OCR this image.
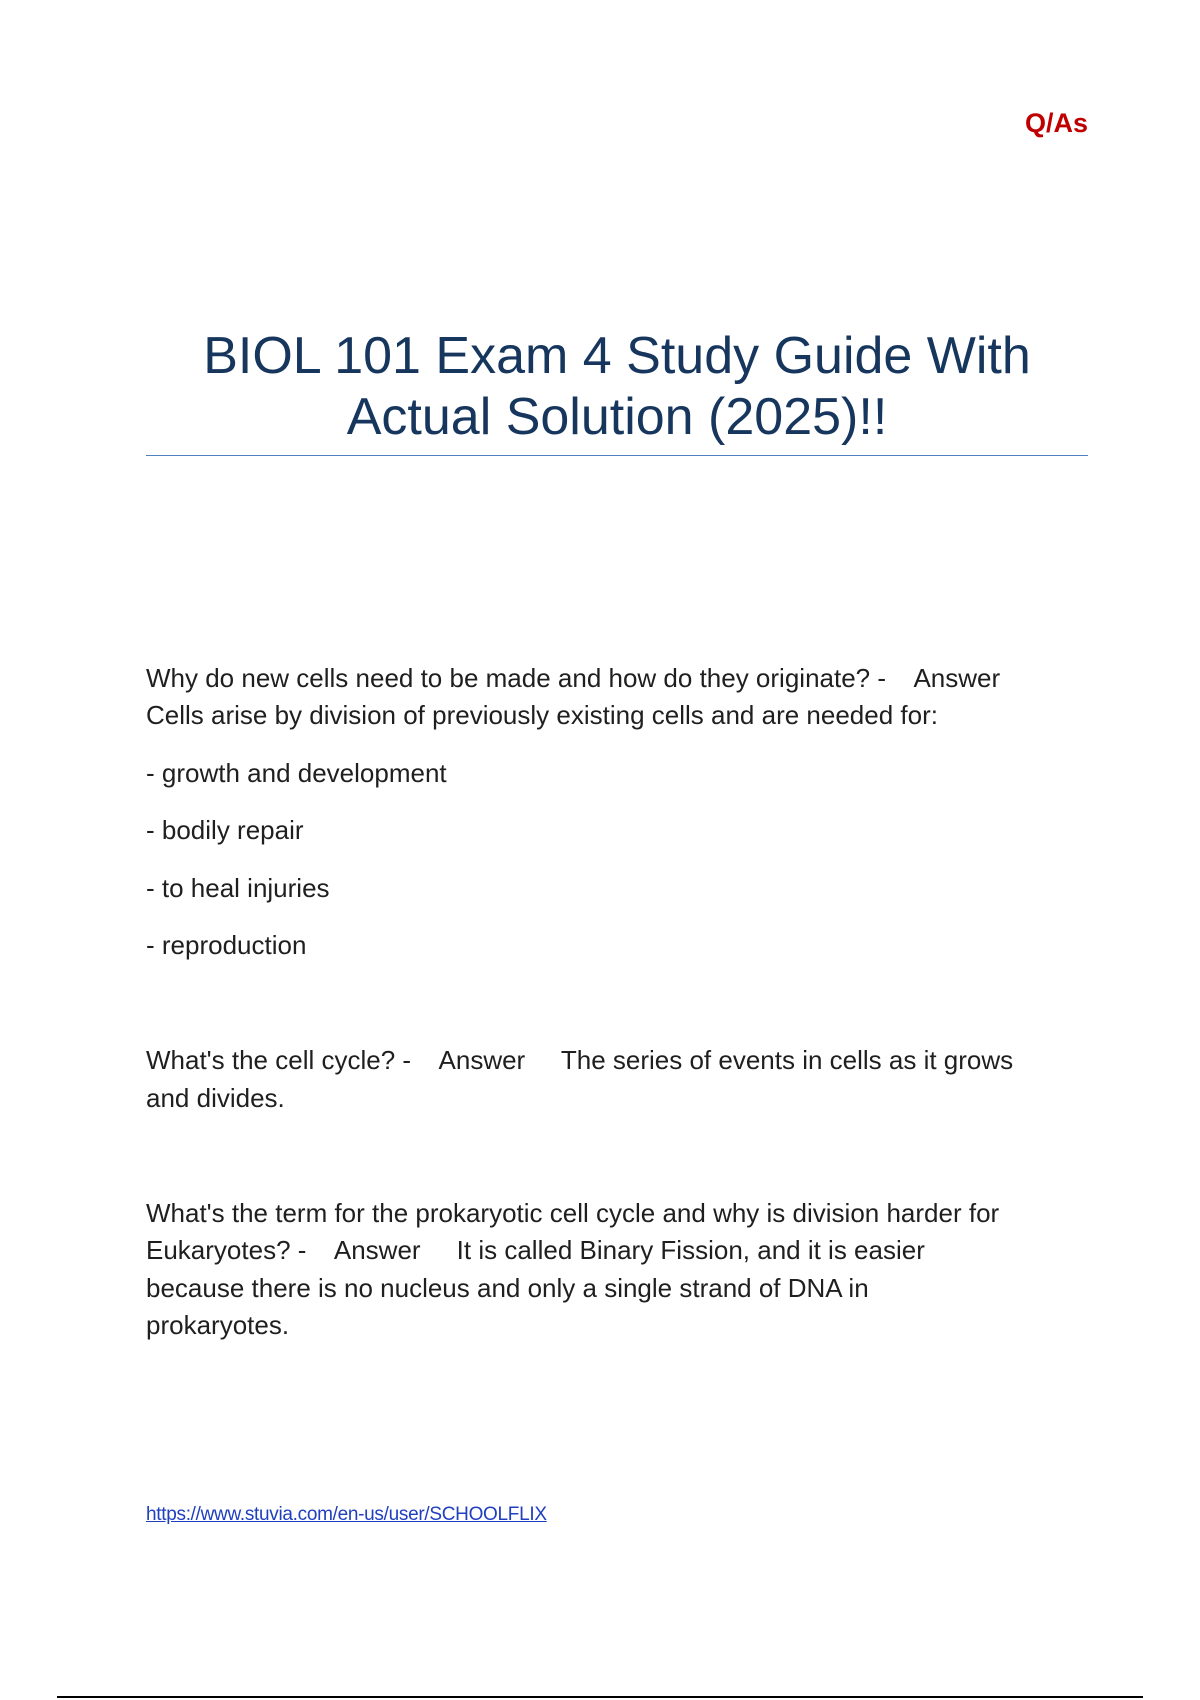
Q/As
BIOL 101 Exam 4 Study Guide With
Actual Solution (2025)!!
Why do new cells need to be made and how do they originate? -    Answer
Cells arise by division of previously existing cells and are needed for:
- growth and development
- bodily repair
- to heal injuries
- reproduction
What's the cell cycle? -    Answer     The series of events in cells as it grows
and divides.
What's the term for the prokaryotic cell cycle and why is division harder for
Eukaryotes? -    Answer     It is called Binary Fission, and it is easier
because there is no nucleus and only a single strand of DNA in
prokaryotes.
https://www.stuvia.com/en-us/user/SCHOOLFLIX
